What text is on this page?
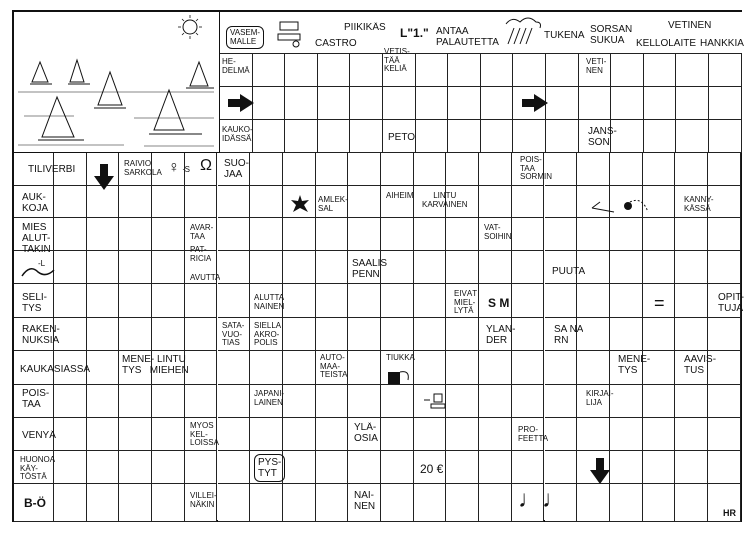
VASEM-
MALLE	CASTRO
PIIKIKÄS L"1." ANTAA
PALAUTETTA
TUKENA
SORSAN
SUKUA
VETINEN
KELLOLAITE HANKKIA
HE-
DELMÄ
VETIS-
TÄÄ
KELIÄ
VETI-
NEN
KAUKO-
IDÄSSÄ	PETO
JANS-
SON
TILIVERBI
RAIVIO
SARKOLA ♀ ·S Ω SUO-
JAA
POIS-
TAA
SORMIN
AUK-
KOJA
AMLEK-
SAL
AIHEIM	LINTU
KARVAINEN	KÄNNY-
KÄSSÄ
MIES
ALUT-
TAKIN
AVAR-
TAA
VAT-
SOIHIN
PAT-
RICIA
AVUTTA
-L	SAALIS
PENN	PUUTA
SELI-
TYS
ALUTTA
NAINEN
EIVÄT
MIEL-
LYTÄ
S M	=	OPIT-
TUJA
RAKEN-
NUKSIA
SATA-
VUO-
TIAS
SIELLÄ
AKRO-
POLIS
YLAN-
DER
SA NA
RN
KAUKASIASSA
MENE- LINTU
TYS   MIEHEN
AUTO-
MAA-
TEISTA
TIUKKA	MENE-
TYS
AAVIS-
TUS
POIS-
TAA
JAPANI-
LAINEN
KIRJAI-
LIJA
VENYÄ
MYÖS
KEL-
LOISSA
YLÄ-
OSIA
PRO-
FEETTA
HUONOA
KÄY-
TÖSTÄ
PYS-
TYT	20 €
B-Ö
VILLEI-
NÄKIN
NAI-
NEN	♩♩	HR
